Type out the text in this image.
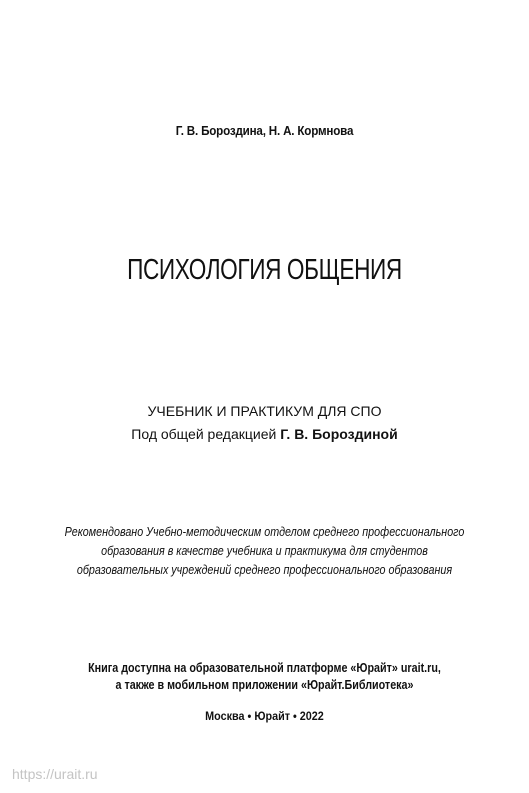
Г. В. Бороздина, Н. А. Кормнова
ПСИХОЛОГИЯ ОБЩЕНИЯ
УЧЕБНИК И ПРАКТИКУМ ДЛЯ СПО
Под общей редакцией Г. В. Бороздиной
Рекомендовано Учебно-методическим отделом среднего профессионального
образования в качестве учебника и практикума для студентов
образовательных учреждений среднего профессионального образования
Книга доступна на образовательной платформе «Юрайт» urait.ru,
а также в мобильном приложении «Юрайт.Библиотека»
Москва • Юрайт • 2022
https://urait.ru
